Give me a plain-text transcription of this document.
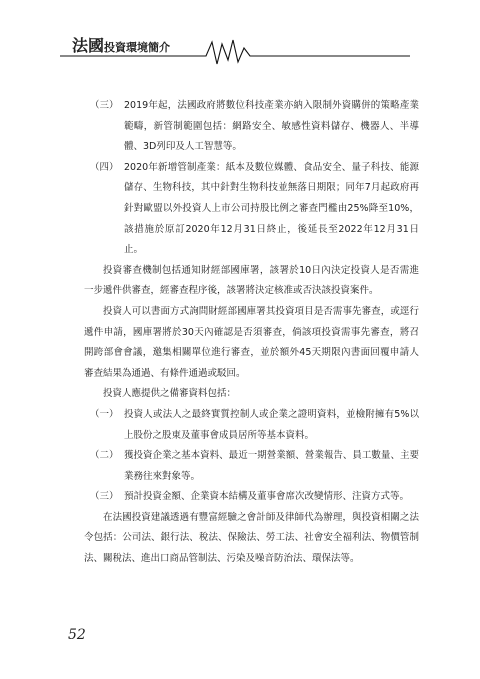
法國投資環境簡介

（三） 2019年起，法國政府將數位科技產業亦納入限制外資購併的策略產業範疇，新管制範圍包括：網路安全、敏感性資料儲存、機器人、半導體、3D列印及人工智慧等。

（四） 2020年新增管制產業：紙本及數位媒體、食品安全、量子科技、能源儲存、生物科技，其中針對生物科技並無落日期限；同年7月起政府再針對歐盟以外投資人上市公司持股比例之審查門檻由25%降至10%，該措施於原訂2020年12月31日終止，後延長至2022年12月31日止。

投資審查機制包括通知財經部國庫署，該署於10日內決定投資人是否需進一步遞件供審查，經審查程序後，該署將決定核准或否決該投資案件。

投資人可以書面方式詢問財經部國庫署其投資項目是否需事先審查，或逕行遞件申請，國庫署將於30天內確認是否須審查，倘該項投資需事先審查，將召開跨部會會議，邀集相關單位進行審查，並於額外45天期限內書面回覆申請人審查結果為通過、有條件通過或駁回。

投資人應提供之備審資料包括：

（一） 投資人或法人之最終實質控制人或企業之證明資料，並檢附擁有5%以上股份之股東及董事會成員居所等基本資料。

（二） 獲投資企業之基本資料、最近一期營業額、營業報告、員工數量、主要業務往來對象等。

（三） 預計投資金額、企業資本結構及董事會席次改變情形、注資方式等。

在法國投資建議透過有豐富經驗之會計師及律師代為辦理，與投資相關之法令包括：公司法、銀行法、稅法、保險法、勞工法、社會安全福利法、物價管制法、關稅法、進出口商品管制法、污染及噪音防治法、環保法等。

52
